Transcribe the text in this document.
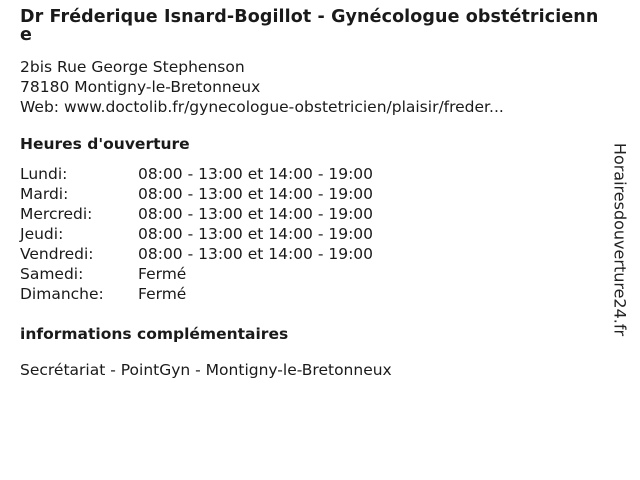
Dr Fréderique Isnard-Bogillot - Gynécologue obstétricienne
2bis Rue George Stephenson
78180 Montigny-le-Bretonneux
Web: www.doctolib.fr/gynecologue-obstetricien/plaisir/freder...
Heures d'ouverture
Lundi:	08:00 - 13:00 et 14:00 - 19:00
Mardi:	08:00 - 13:00 et 14:00 - 19:00
Mercredi:	08:00 - 13:00 et 14:00 - 19:00
Jeudi:	08:00 - 13:00 et 14:00 - 19:00
Vendredi:	08:00 - 13:00 et 14:00 - 19:00
Samedi:	Fermé
Dimanche:	Fermé
informations complémentaires
Secrétariat - PointGyn - Montigny-le-Bretonneux
Horairesdouverture24.fr
